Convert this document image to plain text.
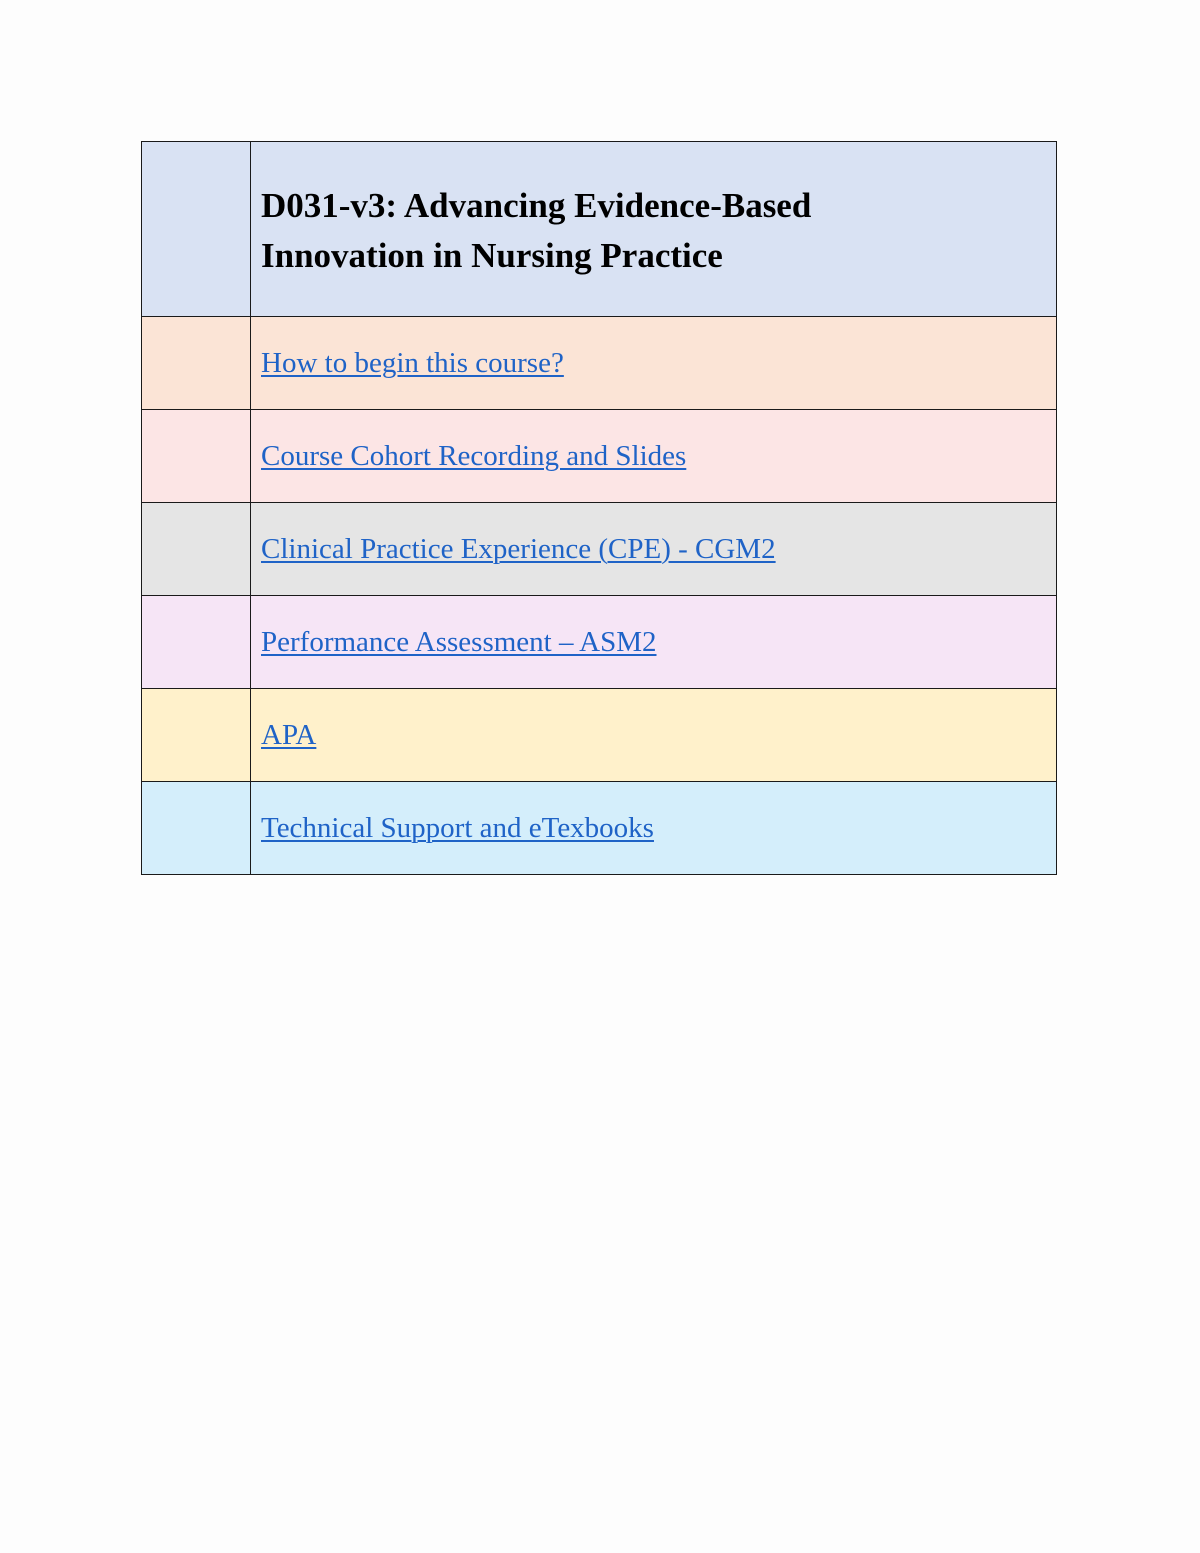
	D031-v3: Advancing Evidence-Based
Innovation in Nursing Practice

	How to begin this course?
	Course Cohort Recording and Slides
	Clinical Practice Experience (CPE) - CGM2
	Performance Assessment – ASM2
	APA
	Technical Support and eTexbooks
